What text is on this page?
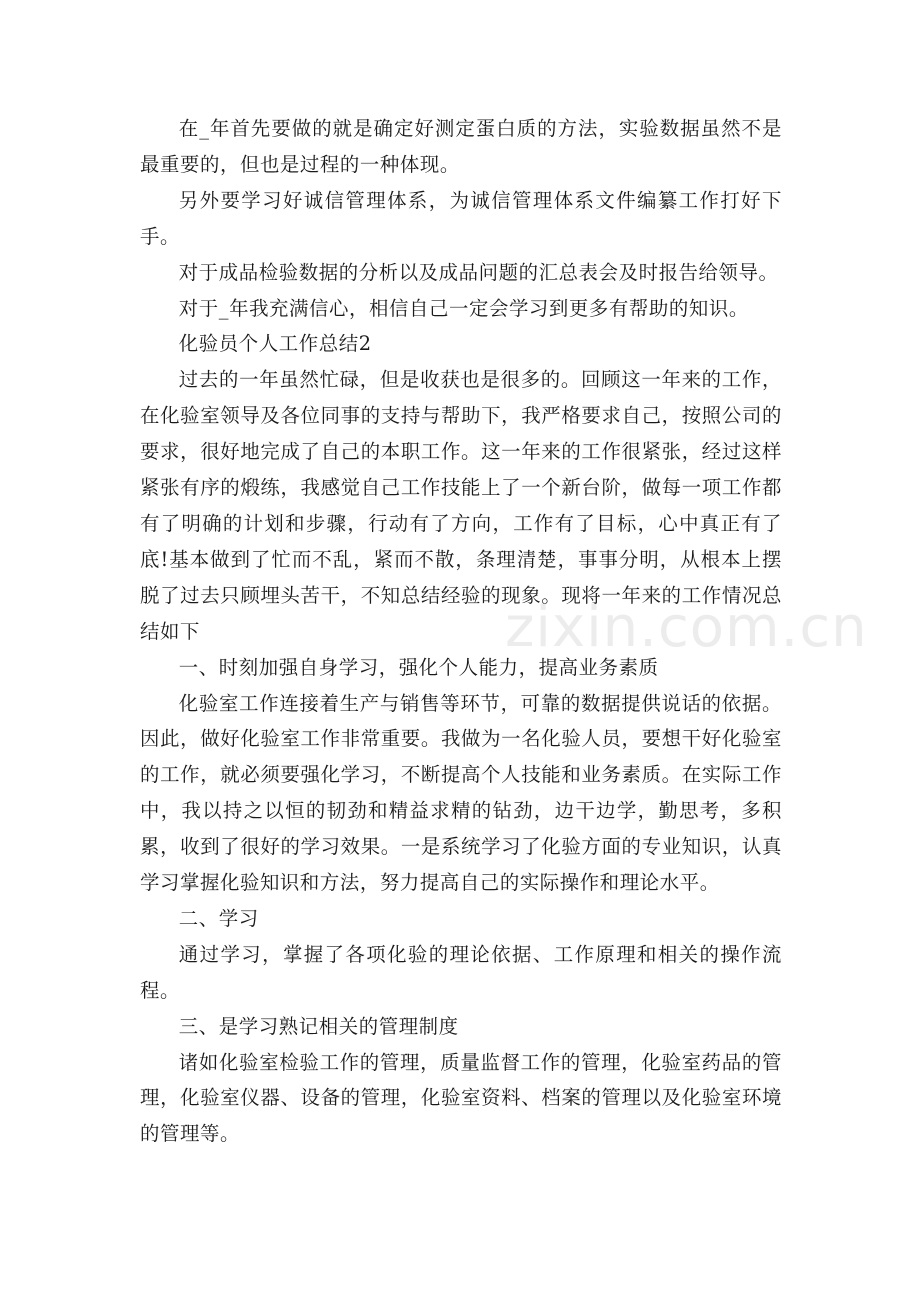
在_年首先要做的就是确定好测定蛋白质的方法，实验数据虽然不是最重要的，但也是过程的一种体现。

另外要学习好诚信管理体系，为诚信管理体系文件编纂工作打好下手。

对于成品检验数据的分析以及成品问题的汇总表会及时报告给领导。

对于_年我充满信心，相信自己一定会学习到更多有帮助的知识。

化验员个人工作总结2

过去的一年虽然忙碌，但是收获也是很多的。回顾这一年来的工作，在化验室领导及各位同事的支持与帮助下，我严格要求自己，按照公司的要求，很好地完成了自己的本职工作。这一年来的工作很紧张，经过这样紧张有序的煅练，我感觉自己工作技能上了一个新台阶，做每一项工作都有了明确的计划和步骤，行动有了方向，工作有了目标，心中真正有了底!基本做到了忙而不乱，紧而不散，条理清楚，事事分明，从根本上摆脱了过去只顾埋头苦干，不知总结经验的现象。现将一年来的工作情况总结如下

一、时刻加强自身学习，强化个人能力，提高业务素质

化验室工作连接着生产与销售等环节，可靠的数据提供说话的依据。因此，做好化验室工作非常重要。我做为一名化验人员，要想干好化验室的工作，就必须要强化学习，不断提高个人技能和业务素质。在实际工作中，我以持之以恒的韧劲和精益求精的钻劲，边干边学，勤思考，多积累，收到了很好的学习效果。一是系统学习了化验方面的专业知识，认真学习掌握化验知识和方法，努力提高自己的实际操作和理论水平。

二、学习

通过学习，掌握了各项化验的理论依据、工作原理和相关的操作流程。

三、是学习熟记相关的管理制度

诸如化验室检验工作的管理，质量监督工作的管理，化验室药品的管理，化验室仪器、设备的管理，化验室资料、档案的管理以及化验室环境的管理等。

zixin.com.cn
